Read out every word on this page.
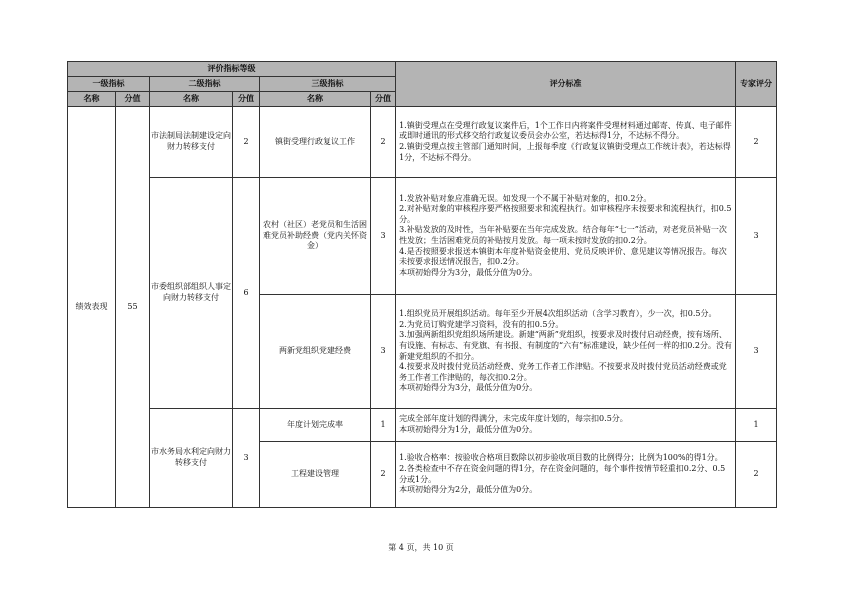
评价指标等级						评分标准	专家评分
一级指标		二级指标		三级指标			
名称	分值	名称	分值	名称	分值		
绩效表现	55	市法制局法制建设定向财力转移支付	2	镇街受理行政复议工作	2	1.镇街受理点在受理行政复议案件后，1个工作日内将案件受理材料通过邮寄、传真、电子邮件或即时通讯的形式移交给行政复议委员会办公室，若达标得1分，不达标不得分。

2.镇街受理点按主管部门通知时间，上报每季度《行政复议镇街受理点工作统计表》，若达标得1分，不达标不得分。	2
		市委组织部组织人事定向财力转移支付	6	农村（社区）老党员和生活困难党员补助经费（党内关怀资金）	3	1.发放补贴对象应准确无误。如发现一个不属于补贴对象的，扣0.2分。

2.对补贴对象的审核程序要严格按照要求和流程执行。如审核程序未按要求和流程执行，扣0.5分。

3.补贴发放的及时性，当年补贴要在当年完成发放。结合每年“七一”活动，对老党员补贴一次性发放；生活困难党员的补贴按月发放。每一项未按时发放的扣0.2分。

4.是否按照要求报送本镇街本年度补贴资金使用、党员反映评价、意见建议等情况报告。每次未按要求报送情况报告，扣0.2分。

本项初始得分为3分，最低分值为0分。	3
				两新党组织党建经费	3	1.组织党员开展组织活动。每年至少开展4次组织活动（含学习教育），少一次，扣0.5分。

2.为党员订购党建学习资料，没有的扣0.5分。

3.加强两新组织党组织场所建设。新建“两新”党组织，按要求及时拨付启动经费，按有场所、有设施、有标志、有党旗、有书报、有制度的“六有”标准建设，缺少任何一样的扣0.2分。没有新建党组织的不扣分。

4.按要求及时拨付党员活动经费、党务工作者工作津贴。不按要求及时拨付党员活动经费或党务工作者工作津贴的，每次扣0.2分。

本项初始得分为3分，最低分值为0分。	3
		市水务局水利定向财力转移支付	3	年度计划完成率	1	完成全部年度计划的得满分，未完成年度计划的，每宗扣0.5分。

本项初始得分为1分，最低分值为0分。	1
				工程建设管理	2	1.验收合格率：按验收合格项目数除以初步验收项目数的比例得分；比例为100%的得1分。

2.各类检查中不存在资金问题的得1分，存在资金问题的，每个事件按情节轻重扣0.2分、0.5分或1分。

本项初始得分为2分，最低分值为0分。	2
第 4 页，共 10 页
